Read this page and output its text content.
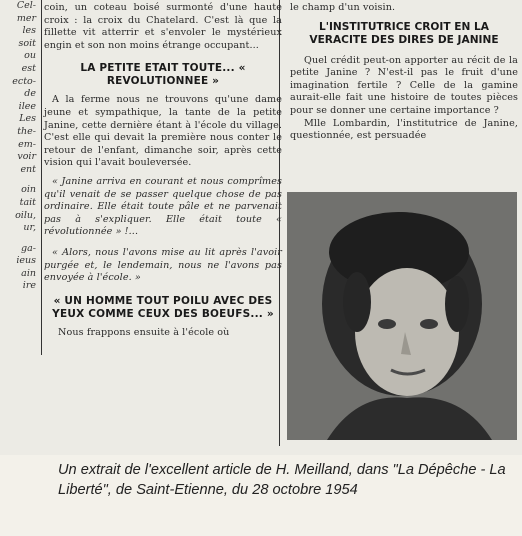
Cel-
mer
les
soit
ou
est
ecto-
de
ilee
Les
the-
em-
voir
ent
oin
tait
oilu,
ur,
ga-
ieus
ain
ire

coin, un coteau boisé surmonté d'une haute croix : la croix du Chatelard. C'est là que la fillette vit atterrir et s'envoler le mystérieux engin et son non moins étrange occupant...

LA PETITE ETAIT TOUTE... « REVOLUTIONNEE »

A la ferme nous ne trouvons qu'une dame jeune et sympathique, la tante de la petite Janine, cette dernière étant à l'école du village. C'est elle qui devait la première nous conter le retour de l'enfant, dimanche soir, après cette vision qui l'avait bouleversée.

« Janine arriva en courant et nous comprîmes qu'il venait de se passer quelque chose de pas ordinaire. Elle était toute pâle et ne parvenait pas à s'expliquer. Elle était toute « révolutionnée » !...

« Alors, nous l'avons mise au lit après l'avoir purgée et, le lendemain, nous ne l'avons pas envoyée à l'école. »

« UN HOMME TOUT POILU AVEC DES YEUX COMME CEUX DES BOEUFS... »

Nous frappons ensuite à l'école où

le champ d'un voisin.

L'INSTITUTRICE CROIT EN LA VERACITE DES DIRES DE JANINE

Quel crédit peut-on apporter au récit de la petite Janine ? N'est-il pas le fruit d'une imagination fertile ? Celle de la gamine aurait-elle fait une histoire de toutes pièces pour se donner une certaine importance ?

Mlle Lombardin, l'institutrice de Janine, questionnée, est persuadée

Un extrait de l'excellent article de H. Meilland, dans "La Dépêche - La Liberté", de Saint-Etienne, du 28 octobre 1954
